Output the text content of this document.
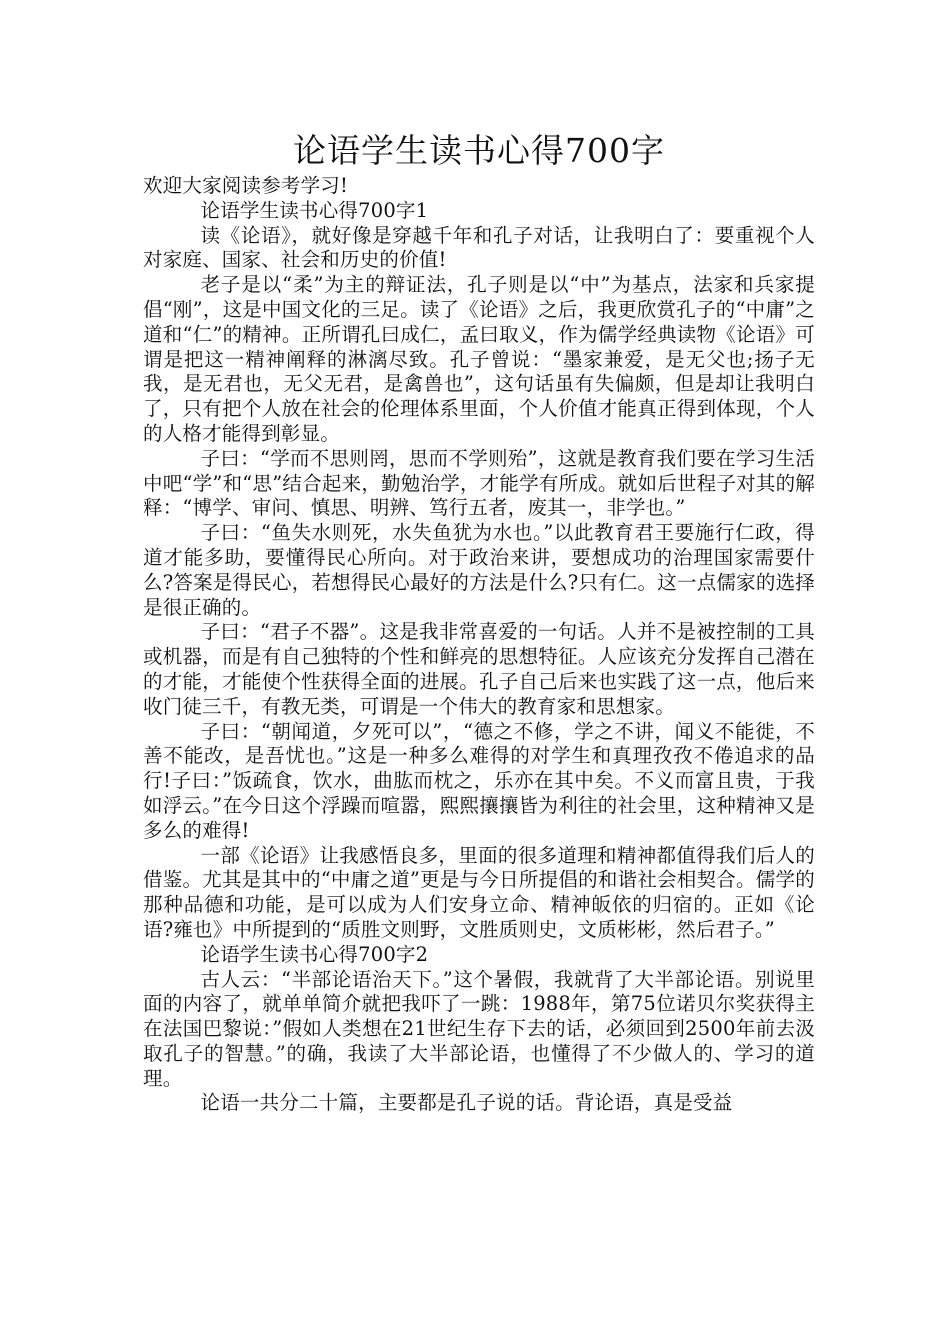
论语学生读书心得700字

欢迎大家阅读参考学习!

论语学生读书心得700字1

读《论语》，就好像是穿越千年和孔子对话，让我明白了：要重视个人对家庭、国家、社会和历史的价值!

老子是以“柔”为主的辩证法，孔子则是以“中”为基点，法家和兵家提倡“刚”，这是中国文化的三足。读了《论语》之后，我更欣赏孔子的“中庸”之道和“仁”的精神。正所谓孔曰成仁，孟曰取义，作为儒学经典读物《论语》可谓是把这一精神阐释的淋漓尽致。孔子曾说：“墨家兼爱，是无父也;扬子无我，是无君也，无父无君，是禽兽也”，这句话虽有失偏颇，但是却让我明白了，只有把个人放在社会的伦理体系里面，个人价值才能真正得到体现，个人的人格才能得到彰显。

子曰：“学而不思则罔，思而不学则殆”，这就是教育我们要在学习生活中吧“学”和“思”结合起来，勤勉治学，才能学有所成。就如后世程子对其的解释：“博学、审问、慎思、明辨、笃行五者，废其一，非学也。”

子曰：“鱼失水则死，水失鱼犹为水也。”以此教育君王要施行仁政，得道才能多助，要懂得民心所向。对于政治来讲，要想成功的治理国家需要什么?答案是得民心，若想得民心最好的方法是什么?只有仁。这一点儒家的选择是很正确的。

子曰：“君子不器”。这是我非常喜爱的一句话。人并不是被控制的工具或机器，而是有自己独特的个性和鲜亮的思想特征。人应该充分发挥自己潜在的才能，才能使个性获得全面的进展。孔子自己后来也实践了这一点，他后来收门徒三千，有教无类，可谓是一个伟大的教育家和思想家。

子曰：“朝闻道，夕死可以”，“德之不修，学之不讲，闻义不能徙，不善不能改，是吾忧也。”这是一种多么难得的对学生和真理孜孜不倦追求的品行!子曰：”饭疏食，饮水，曲肱而枕之，乐亦在其中矣。不义而富且贵，于我如浮云。”在今日这个浮躁而喧嚣，熙熙攘攘皆为利往的社会里，这种精神又是多么的难得!

一部《论语》让我感悟良多，里面的很多道理和精神都值得我们后人的借鉴。尤其是其中的“中庸之道”更是与今日所提倡的和谐社会相契合。儒学的那种品德和功能，是可以成为人们安身立命、精神皈依的归宿的。正如《论语?雍也》中所提到的“质胜文则野，文胜质则史，文质彬彬，然后君子。”

论语学生读书心得700字2

古人云：“半部论语治天下。”这个暑假，我就背了大半部论语。别说里面的内容了，就单单简介就把我吓了一跳：1988年，第75位诺贝尔奖获得主在法国巴黎说：”假如人类想在21世纪生存下去的话，必须回到2500年前去汲取孔子的智慧。”的确，我读了大半部论语，也懂得了不少做人的、学习的道理。

论语一共分二十篇，主要都是孔子说的话。背论语，真是受益
